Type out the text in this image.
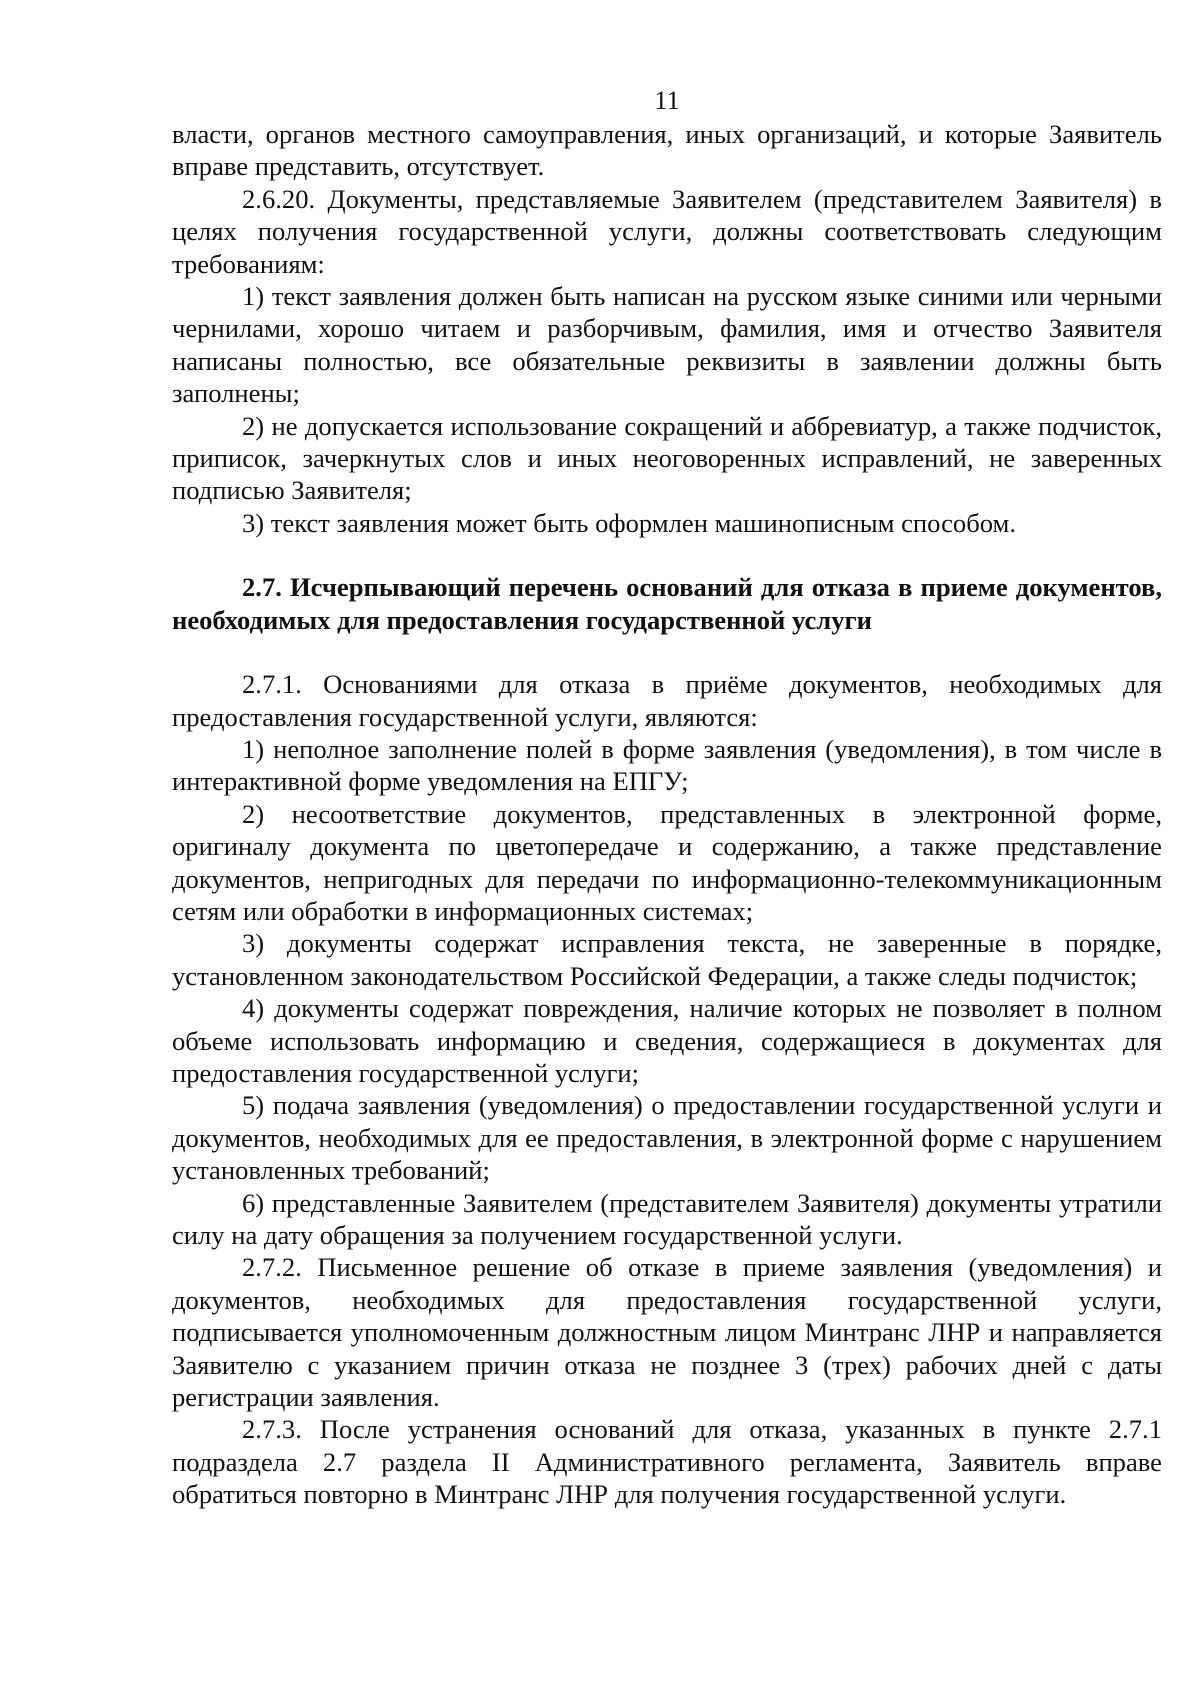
11

власти, органов местного самоуправления, иных организаций, и которые Заявитель вправе представить, отсутствует.

2.6.20. Документы, представляемые Заявителем (представителем Заявителя) в целях получения государственной услуги, должны соответствовать следующим требованиям:

1) текст заявления должен быть написан на русском языке синими или черными чернилами, хорошо читаем и разборчивым, фамилия, имя и отчество Заявителя написаны полностью, все обязательные реквизиты в заявлении должны быть заполнены;

2) не допускается использование сокращений и аббревиатур, а также подчисток, приписок, зачеркнутых слов и иных неоговоренных исправлений, не заверенных подписью Заявителя;

3) текст заявления может быть оформлен машинописным способом.

2.7. Исчерпывающий перечень оснований для отказа в приеме документов, необходимых для предоставления государственной услуги

2.7.1. Основаниями для отказа в приёме документов, необходимых для предоставления государственной услуги, являются:

1) неполное заполнение полей в форме заявления (уведомления), в том числе в интерактивной форме уведомления на ЕПГУ;

2) несоответствие документов, представленных в электронной форме, оригиналу документа по цветопередаче и содержанию, а также представление документов, непригодных для передачи по информационно-телекоммуникационным сетям или обработки в информационных системах;

3) документы содержат исправления текста, не заверенные в порядке, установленном законодательством Российской Федерации, а также следы подчисток;

4) документы содержат повреждения, наличие которых не позволяет в полном объеме использовать информацию и сведения, содержащиеся в документах для предоставления государственной услуги;

5) подача заявления (уведомления) о предоставлении государственной услуги и документов, необходимых для ее предоставления, в электронной форме с нарушением установленных требований;

6) представленные Заявителем (представителем Заявителя) документы утратили силу на дату обращения за получением государственной услуги.

2.7.2. Письменное решение об отказе в приеме заявления (уведомления) и документов, необходимых для предоставления государственной услуги, подписывается уполномоченным должностным лицом Минтранс ЛНР и направляется Заявителю с указанием причин отказа не позднее 3 (трех) рабочих дней с даты регистрации заявления.

2.7.3. После устранения оснований для отказа, указанных в пункте 2.7.1 подраздела 2.7 раздела II Административного регламента, Заявитель вправе обратиться повторно в Минтранс ЛНР для получения государственной услуги.
